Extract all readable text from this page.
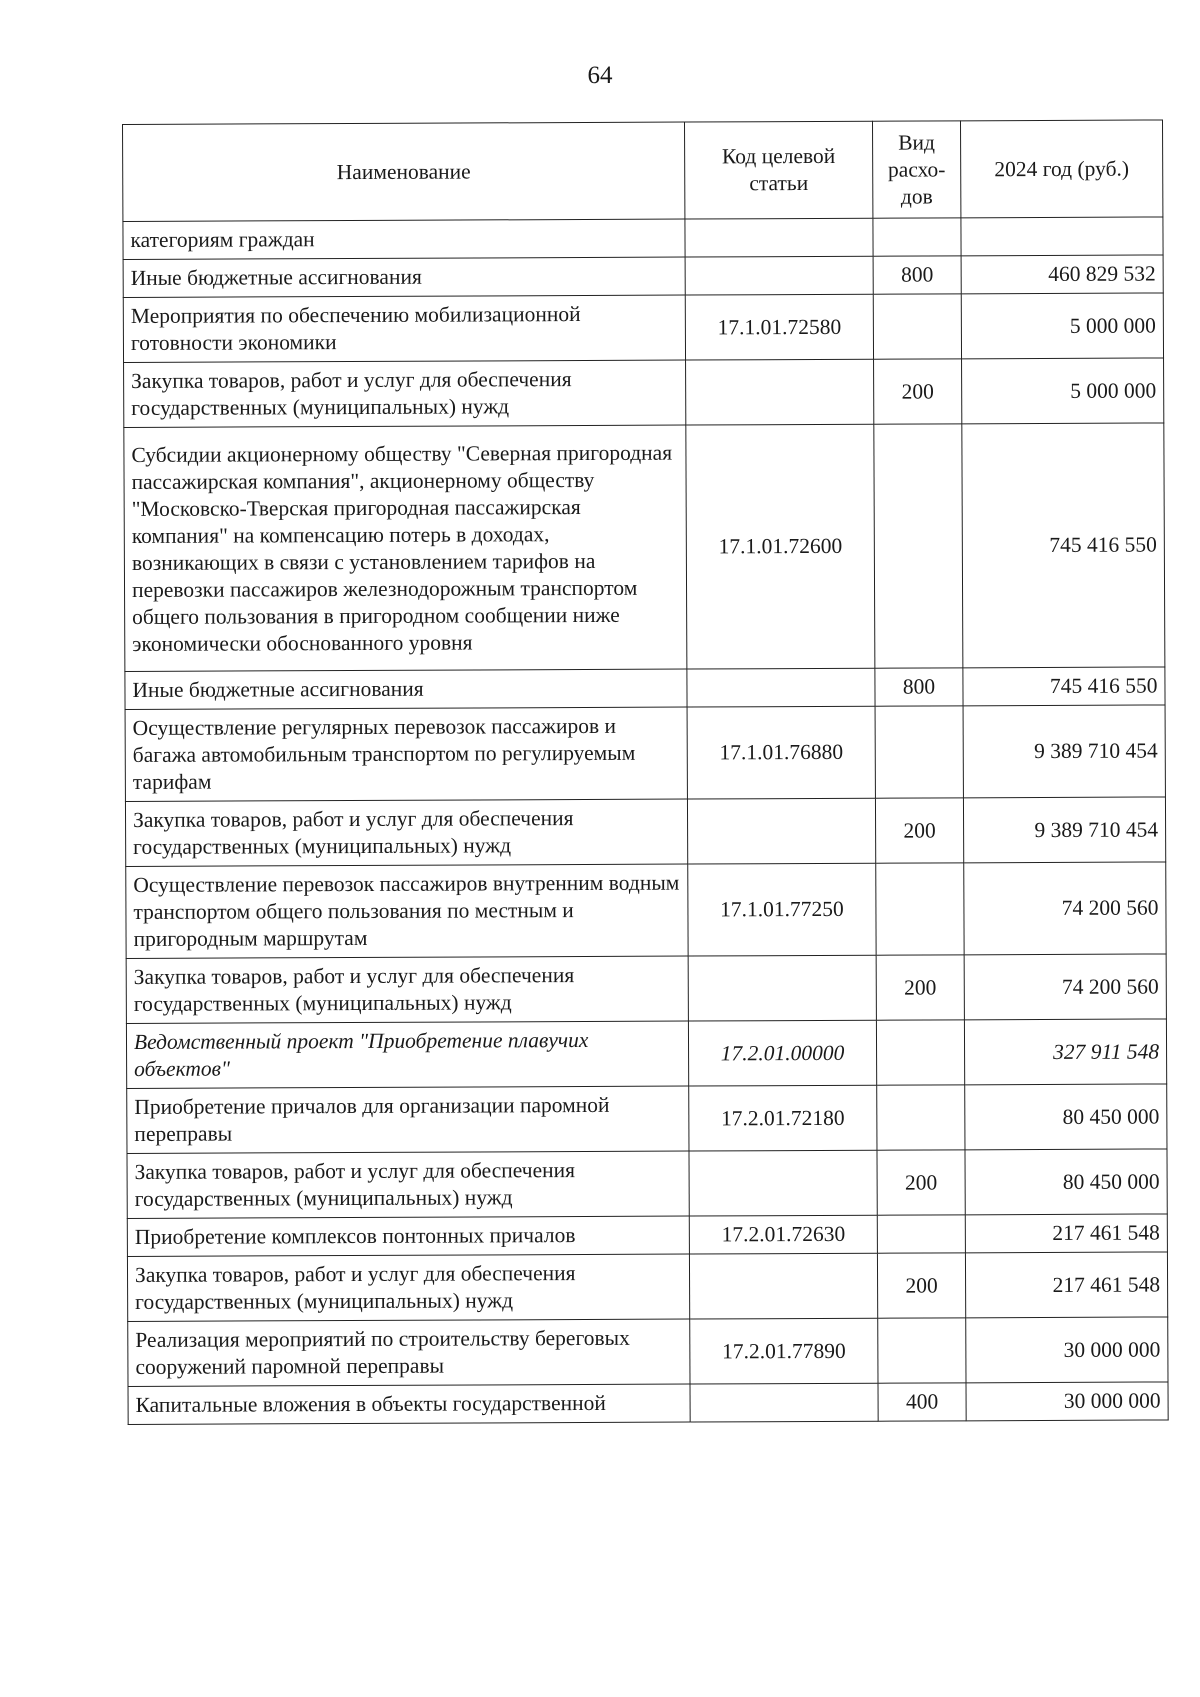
64
Наименование	Код целевой статьи	Вид расхо-дов	2024 год (руб.)
категориям граждан			
Иные бюджетные ассигнования		800	460 829 532
Мероприятия по обеспечению мобилизационной готовности экономики	17.1.01.72580		5 000 000
Закупка товаров, работ и услуг для обеспечения государственных (муниципальных) нужд		200	5 000 000
Субсидии акционерному обществу "Северная пригородная пассажирская компания", акционерному обществу "Московско-Тверская пригородная пассажирская компания" на компенсацию потерь в доходах, возникающих в связи с установлением тарифов на перевозки пассажиров железнодорожным транспортом общего пользования в пригородном сообщении ниже экономически обоснованного уровня	17.1.01.72600		745 416 550
Иные бюджетные ассигнования		800	745 416 550
Осуществление регулярных перевозок пассажиров и багажа автомобильным транспортом по регулируемым тарифам	17.1.01.76880		9 389 710 454
Закупка товаров, работ и услуг для обеспечения государственных (муниципальных) нужд		200	9 389 710 454
Осуществление перевозок пассажиров внутренним водным транспортом общего пользования по местным и пригородным маршрутам	17.1.01.77250		74 200 560
Закупка товаров, работ и услуг для обеспечения государственных (муниципальных) нужд		200	74 200 560
Ведомственный проект "Приобретение плавучих объектов"	17.2.01.00000		327 911 548
Приобретение причалов для организации паромной переправы	17.2.01.72180		80 450 000
Закупка товаров, работ и услуг для обеспечения государственных (муниципальных) нужд		200	80 450 000
Приобретение комплексов понтонных причалов	17.2.01.72630		217 461 548
Закупка товаров, работ и услуг для обеспечения государственных (муниципальных) нужд		200	217 461 548
Реализация мероприятий по строительству береговых сооружений паромной переправы	17.2.01.77890		30 000 000
Капитальные вложения в объекты государственной		400	30 000 000
